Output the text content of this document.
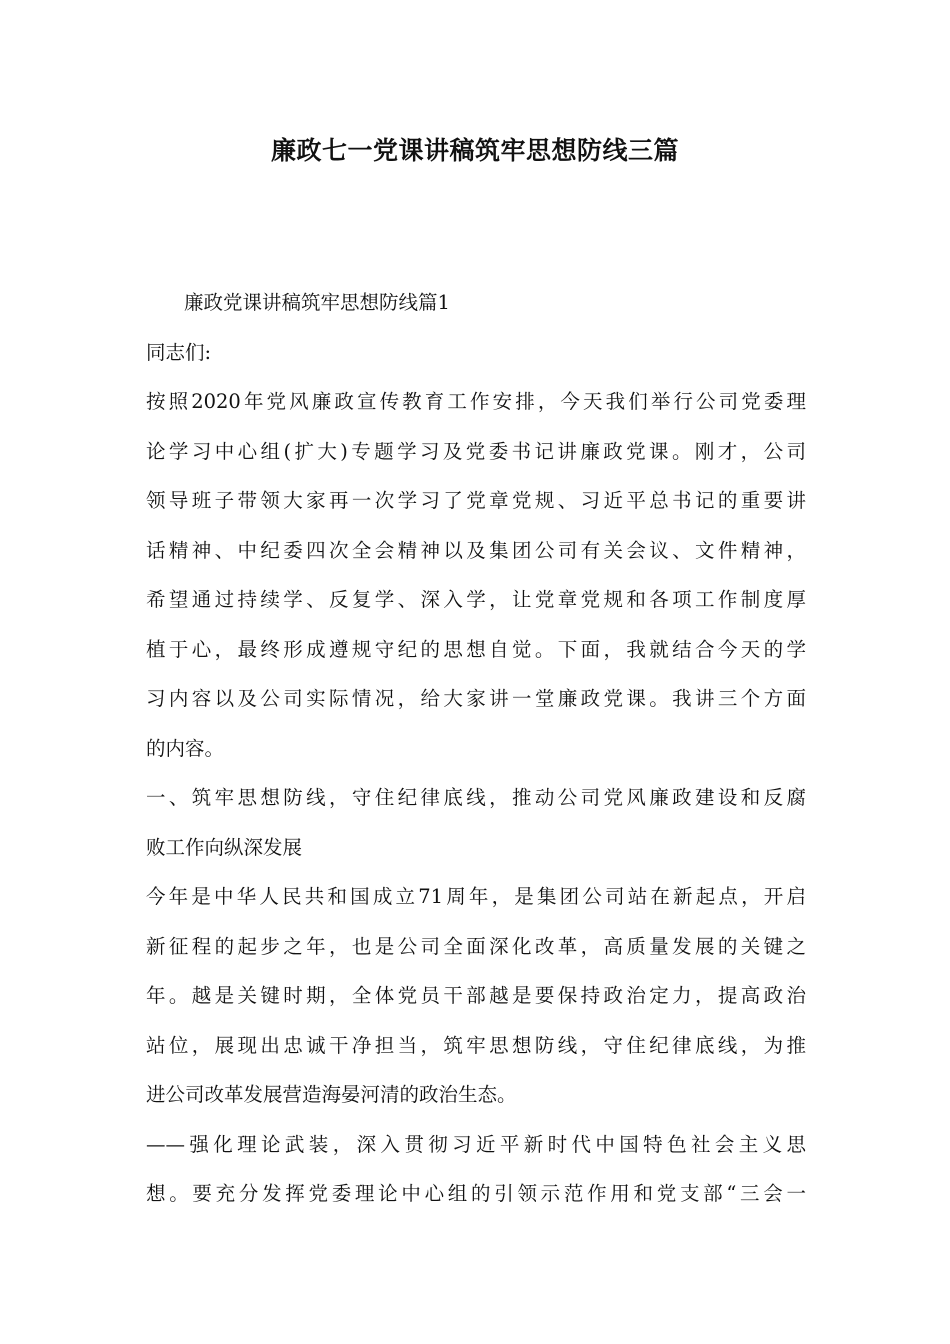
廉政七一党课讲稿筑牢思想防线三篇
廉政党课讲稿筑牢思想防线篇1
同志们:
按照2020年党风廉政宣传教育工作安排，今天我们举行公司党委理
论学习中心组(扩大)专题学习及党委书记讲廉政党课。刚才，公司
领导班子带领大家再一次学习了党章党规、习近平总书记的重要讲
话精神、中纪委四次全会精神以及集团公司有关会议、文件精神，
希望通过持续学、反复学、深入学，让党章党规和各项工作制度厚
植于心，最终形成遵规守纪的思想自觉。下面，我就结合今天的学
习内容以及公司实际情况，给大家讲一堂廉政党课。我讲三个方面
的内容。
一、筑牢思想防线，守住纪律底线，推动公司党风廉政建设和反腐
败工作向纵深发展
今年是中华人民共和国成立71周年，是集团公司站在新起点，开启
新征程的起步之年，也是公司全面深化改革，高质量发展的关键之
年。越是关键时期，全体党员干部越是要保持政治定力，提高政治
站位，展现出忠诚干净担当，筑牢思想防线，守住纪律底线，为推
进公司改革发展营造海晏河清的政治生态。
——强化理论武装，深入贯彻习近平新时代中国特色社会主义思
想。要充分发挥党委理论中心组的引领示范作用和党支部“三会一
